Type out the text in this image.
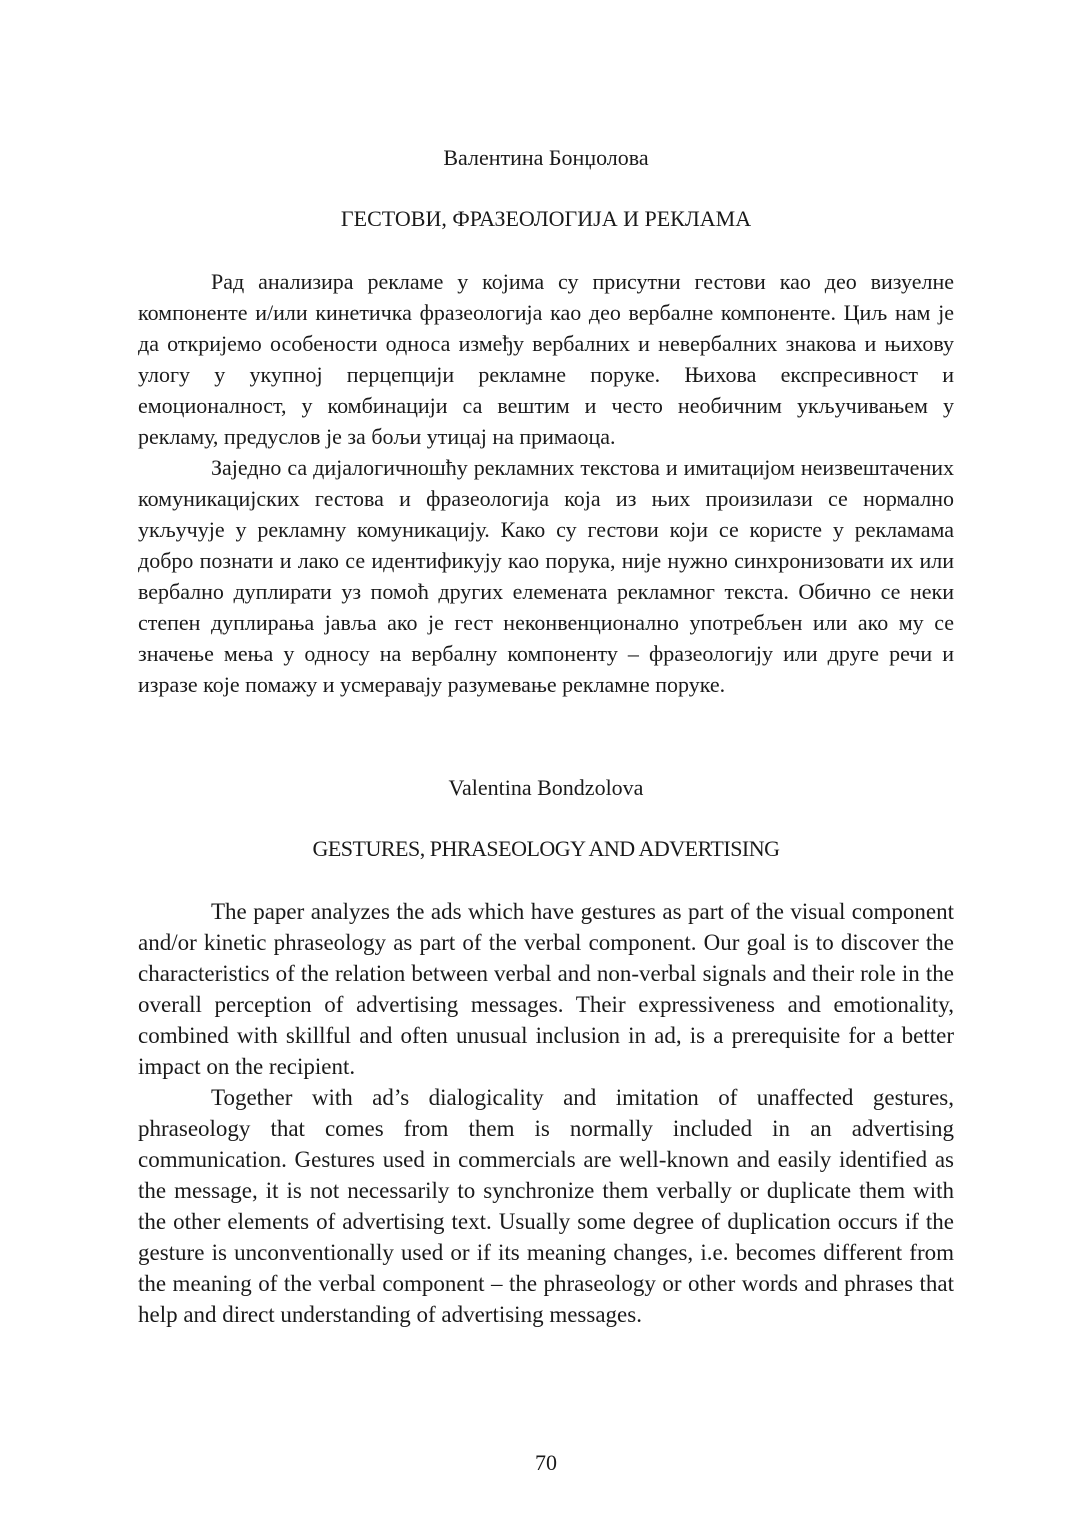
Валентина Бонџолова
ГЕСТОВИ, ФРАЗЕОЛОГИЈА И РЕКЛАМА

Рад анализира рекламе у којима су присутни гестови као део визуелне компоненте и/или кинетичка фразеологија као део вербалне компоненте. Циљ нам је да откријемо особености односа између вербалних и невербалних знакова и њихову улогу у укупној перцепцији рекламне поруке. Њихова експресивност и емоционалност, у комбинацији са вештим и често необичним укључивањем у рекламу, предуслов је за бољи утицај на примаоца.

Заједно са дијалогичношћу рекламних текстова и имитацијом неизвештачених комуникацијских гестова и фразеологија која из њих произилази се нормално укључује у рекламну комуникацију. Како су гестови који се користе у рекламама добро познати и лако се идентификују као порука, није нужно синхронизовати их или вербално дуплирати уз помоћ других елемената рекламног текста. Обично се неки степен дуплирања јавља ако је гест неконвенционално употребљен или ако му се значење мења у односу на вербалну компоненту – фразеологију или друге речи и изразе које помажу и усмеравају разумевање рекламне поруке.

Valentina Bondzolova
GESTURES, PHRASEOLOGY AND ADVERTISING

The paper analyzes the ads which have gestures as part of the visual component and/or kinetic phraseology as part of the verbal component. Our goal is to discover the characteristics of the relation between verbal and non-verbal signals and their role in the overall perception of advertising messages. Their expressiveness and emotionality, combined with skillful and often unusual inclusion in ad, is a prerequisite for a better impact on the recipient.

Together with ad’s dialogicality and imitation of unaffected gestures, phraseology that comes from them is normally included in an advertising communication. Gestures used in commercials are well-known and easily identified as the message, it is not necessarily to synchronize them verbally or duplicate them with the other elements of advertising text. Usually some degree of duplication occurs if the gesture is unconventionally used or if its meaning changes, i.e. becomes different from the meaning of the verbal component – the phraseology or other words and phrases that help and direct understanding of advertising messages.

70
